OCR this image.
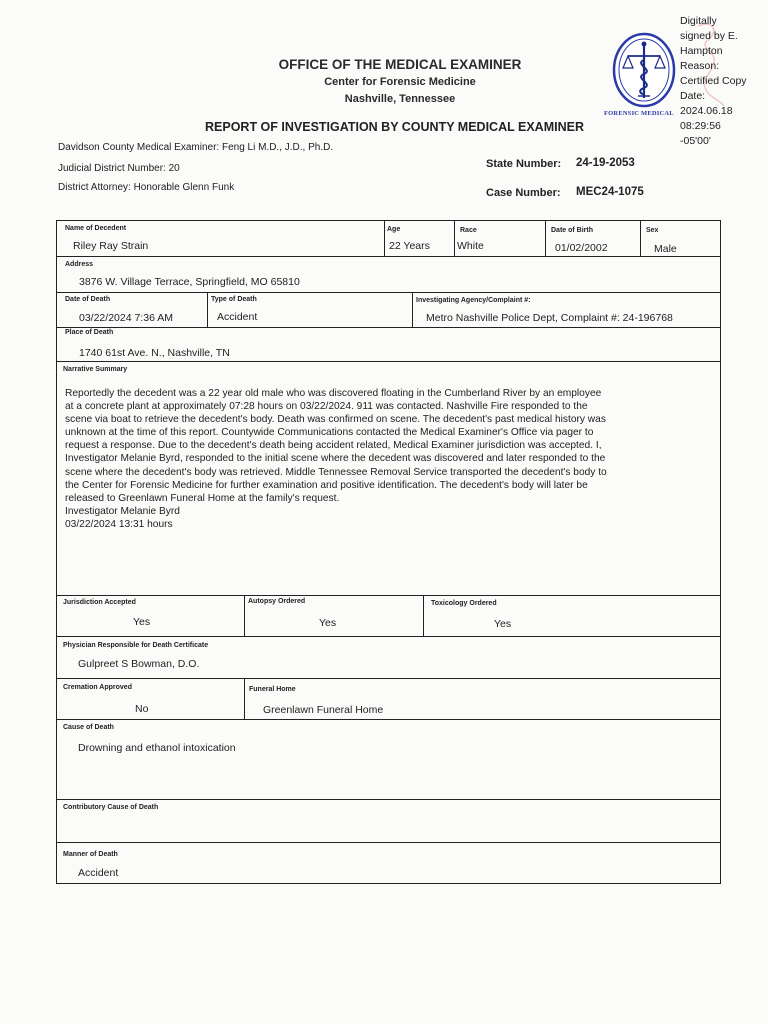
OFFICE OF THE MEDICAL EXAMINER
Center for Forensic Medicine
Nashville, Tennessee
REPORT OF INVESTIGATION BY COUNTY MEDICAL EXAMINER
FORENSIC MEDICAL
Digitally
signed by E.
Hampton
Reason:
Certified Copy
Date:
2024.06.18
08:29:56
-05'00'
Davidson County Medical Examiner: Feng Li M.D., J.D., Ph.D.
Judicial District Number: 20
District Attorney: Honorable Glenn Funk
State Number: 24-19-2053
Case Number: MEC24-1075
Name of Decedent
Riley Ray Strain
Age
22 Years
Race
White
Date of Birth
01/02/2002
Sex
Male
Address
3876 W. Village Terrace, Springfield, MO 65810
Date of Death
03/22/2024 7:36 AM
Type of Death
Accident
Investigating Agency/Complaint #:
Metro Nashville Police Dept, Complaint #: 24-196768
Place of Death
1740 61st Ave. N., Nashville, TN
Narrative Summary
Reportedly the decedent was a 22 year old male who was discovered floating in the Cumberland River by an employee
at a concrete plant at approximately 07:28 hours on 03/22/2024. 911 was contacted. Nashville Fire responded to the
scene via boat to retrieve the decedent's body. Death was confirmed on scene. The decedent's past medical history was
unknown at the time of this report. Countywide Communications contacted the Medical Examiner's Office via pager to
request a response. Due to the decedent's death being accident related, Medical Examiner jurisdiction was accepted. I,
Investigator Melanie Byrd, responded to the initial scene where the decedent was discovered and later responded to the
scene where the decedent's body was retrieved. Middle Tennessee Removal Service transported the decedent's body to
the Center for Forensic Medicine for further examination and positive identification. The decedent's body will later be
released to Greenlawn Funeral Home at the family's request.
Investigator Melanie Byrd
03/22/2024 13:31 hours
Jurisdiction Accepted
Yes
Autopsy Ordered
Yes
Toxicology Ordered
Yes
Physician Responsible for Death Certificate
Gulpreet S Bowman, D.O.
Cremation Approved
No
Funeral Home
Greenlawn Funeral Home
Cause of Death
Drowning and ethanol intoxication
Contributory Cause of Death
Manner of Death
Accident
